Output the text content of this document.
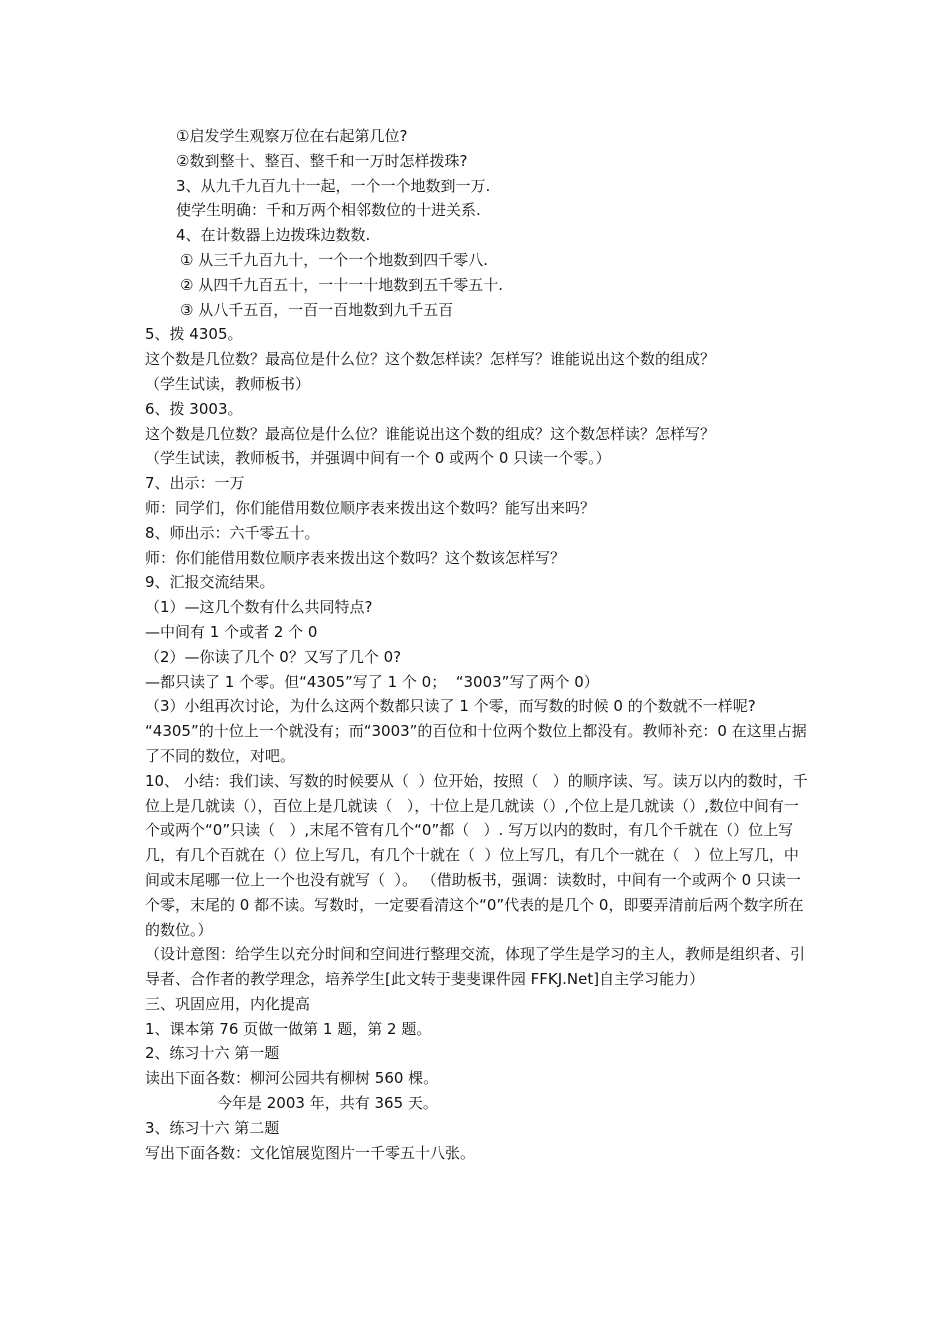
①启发学生观察万位在右起第几位?

②数到整十、整百、整千和一万时怎样拨珠?

3、从九千九百九十一起，一个一个地数到一万.

使学生明确：千和万两个相邻数位的十进关系.

4、在计数器上边拨珠边数数.

① 从三千九百九十，一个一个地数到四千零八.

② 从四千九百五十，一十一十地数到五千零五十.

③ 从八千五百，一百一百地数到九千五百

5、拨 4305。

这个数是几位数？最高位是什么位？这个数怎样读？怎样写？谁能说出这个数的组成？

（学生试读，教师板书）

6、拨 3003。

这个数是几位数？最高位是什么位？谁能说出这个数的组成？这个数怎样读？怎样写？

（学生试读，教师板书，并强调中间有一个 0 或两个 0 只读一个零。）

7、出示：一万

师：同学们，你们能借用数位顺序表来拨出这个数吗？能写出来吗？

8、师出示：六千零五十。

师：你们能借用数位顺序表来拨出这个数吗？这个数该怎样写？

9、汇报交流结果。

（1）—这几个数有什么共同特点?

—中间有 1 个或者 2 个 0

（2）—你读了几个 0？又写了几个 0?

—都只读了 1 个零。但“4305”写了 1 个 0；  “3003”写了两个 0）

（3）小组再次讨论，为什么这两个数都只读了 1 个零，而写数的时候 0 的个数就不一样呢?

“4305”的十位上一个就没有；而“3003”的百位和十位两个数位上都没有。教师补充：0 在这里占据了不同的数位，对吧。

10、 小结：我们读、写数的时候要从（  ）位开始，按照（   ）的顺序读、写。读万以内的数时，千位上是几就读（），百位上是几就读（   ），十位上是几就读（）,个位上是几就读（）,数位中间有一个或两个“0”只读（   ）,末尾不管有几个“0”都（   ）. 写万以内的数时，有几个千就在（）位上写几，有几个百就在（）位上写几，有几个十就在（  ）位上写几，有几个一就在（   ）位上写几，中间或末尾哪一位上一个也没有就写（  ）。 （借助板书，强调：读数时，中间有一个或两个 0 只读一个零，末尾的 0 都不读。写数时，一定要看清这个“0”代表的是几个 0，即要弄清前后两个数字所在的数位。）

（设计意图：给学生以充分时间和空间进行整理交流，体现了学生是学习的主人，教师是组织者、引导者、合作者的教学理念，培养学生[此文转于斐斐课件园 FFKJ.Net]自主学习能力）

三、巩固应用，内化提高

1、课本第 76 页做一做第 1 题，第 2 题。

2、练习十六 第一题

读出下面各数：柳河公园共有柳树 560 棵。

今年是 2003 年，共有 365 天。

3、练习十六 第二题

写出下面各数：文化馆展览图片一千零五十八张。
